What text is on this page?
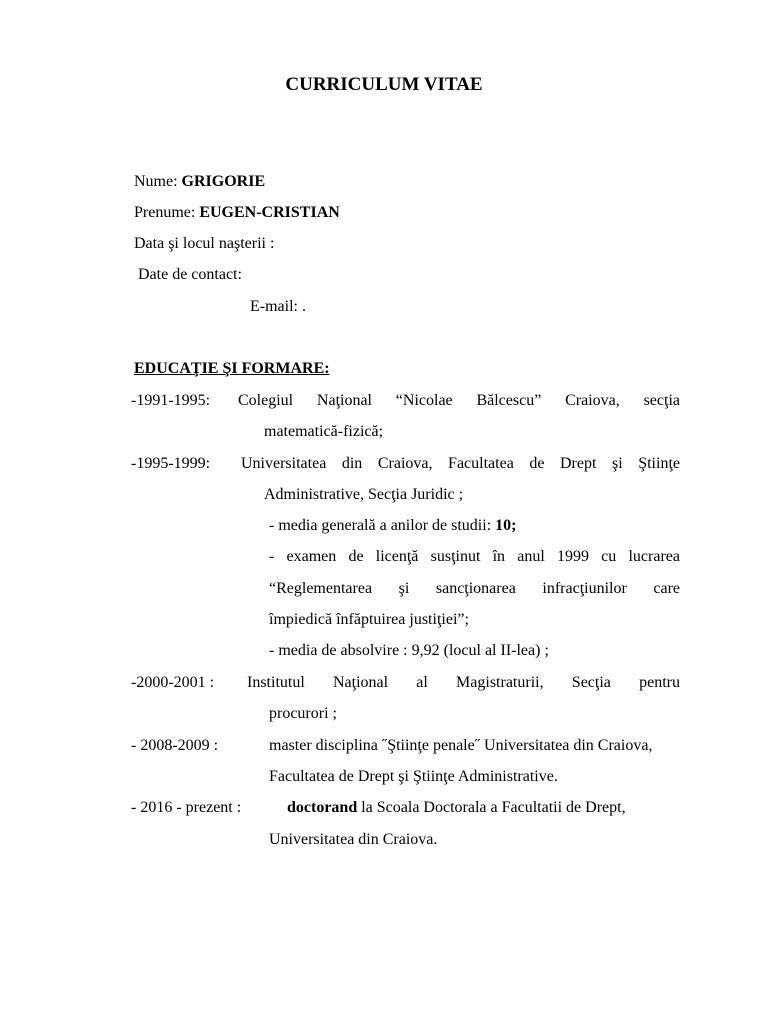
CURRICULUM VITAE
Nume: GRIGORIE
Prenume: EUGEN-CRISTIAN
Data şi locul naşterii :
Date de contact:
E-mail: .
EDUCAŢIE ŞI FORMARE:
-1991-1995: Colegiul Naţional “Nicolae Bălcescu” Craiova, secţia
matematică-fizică;
-1995-1999: Universitatea din Craiova, Facultatea de Drept şi Ştiinţe
Administrative, Secţia Juridic ;
- media generală a anilor de studii: 10;
- examen de licenţă susţinut în anul 1999 cu lucrarea
“Reglementarea şi sancţionarea infracţiunilor care
împiedică înfăptuirea justiţiei”;
- media de absolvire : 9,92 (locul al II-lea) ;
-2000-2001 : Institutul Naţional al Magistraturii, Secţia pentru
procurori ;
- 2008-2009 :	master disciplina ˝Ştiinţe penale˝ Universitatea din Craiova,
Facultatea de Drept şi Ştiinţe Administrative.
- 2016 - prezent :	doctorand la Scoala Doctorala a Facultatii de Drept,
Universitatea din Craiova.
